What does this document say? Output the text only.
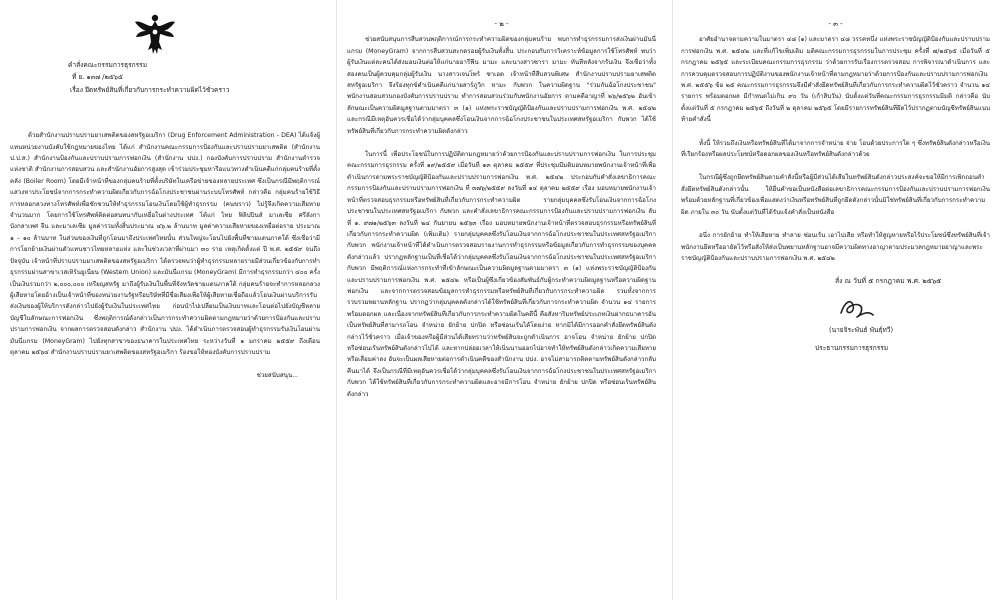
คำสั่งคณะกรรมการธุรกรรม

ที่ ย. ๑๓๗ /๒๕๖๕

เรื่อง ยึดทรัพย์สินที่เกี่ยวกับการกระทำความผิดไว้ชั่วคราว

ด้วยสำนักงานปราบปรามยาเสพติดของสหรัฐอเมริกา (Drug Enforcement Administration - DEA) ได้แจ้งผู้แทนหน่วยงานบังคับใช้กฎหมายของไทย ได้แก่ สำนักงานคณะกรรมการป้องกันและปราบปรามยาเสพติด (สำนักงาน ป.ป.ส.) สำนักงานป้องกันและปราบปรามการฟอกเงิน (สำนักงาน ปปง.) กองบังคับการปราบปราม สำนักงานตำรวจแห่งชาติ สำนักงานการสอบสวน และสำนักงานอัยการสูงสุด เข้าร่วมประชุมหารือแนวทางดำเนินคดีแก่กลุ่มคนร้ายที่ตั้งคลัง (Boiler Room) โดยมีเจ้าหน้าที่ของกลุ่มคนร้ายที่ตั้งบริษัทในเครือข่ายของหลายประเทศ ซึ่งเป็นกรณีมีพฤติการณ์แสวงหาประโยชน์จากการกระทำความผิดเกี่ยวกับการฉ้อโกงประชาชนผ่านระบบโทรศัพท์ กล่าวคือ กลุ่มคนร้ายใช้วิธีการหลอกลวงทางโทรศัพท์เพื่อชักชวนให้ทำธุรกรรมโอนเงินโดยใช้ผู้ทำธุรกรรม (คนขราว) ไม่รู้จึงเกิดความเสียหายจำนวนมาก โดยการใช้โทรศัพท์ติดต่อสนทนากับเหยื่อในต่างประเทศ ได้แก่ ไทย ฟิลิปปินส์ มาเลเซีย ศรีลังกา บังกลาเทศ จีน และมาเลเซีย มูลค่ารวมทั้งสิ้นประมาณ ๔๖.๒ ล้านบาท มูลค่าความเสียหายของเหยื่อต่อราย ประมาณ ๑ – ๑๐ ล้านบาท ในส่วนของเงินที่ถูกโอนมาถึงประเทศไทยนั้น ส่วนใหญ่จะโอนไปยังพื้นที่ชายแดนภาคใต้ ซึ่งเชื่อว่ามีการโยกย้ายเงินผ่านตัวแทนชาวไทยหลายแห่ง และในช่วงเวลาที่ผ่านมา ๓๐ ราย เหตุเกิดตั้งแต่ ปี พ.ศ. ๒๕๕๙ จนถึงปัจจุบัน เจ้าหน้าที่ปราบปรามยาเสพติดของสหรัฐอเมริกา ได้ตรวจพบว่าผู้ทำธุรกรรมหลายรายมีส่วนเกี่ยวข้องกับการทำธุรกรรมผ่านสาขาเวสเทิร์นยูเนี่ยน (Western Union) และมันนี่แกรม (MoneyGram) มีการทำธุรกรรมกว่า ๔๐๐ ครั้ง เป็นเงินรวมกว่า ๒,๐๐๐,๐๐๐ เหรียญสหรัฐ มาถึงผู้รับเงินในพื้นที่จังหวัดชายแดนภาคใต้ กลุ่มคนร้ายจะทำการหลอกลวงผู้เสียหายโดยอ้างเป็นเจ้าหน้าที่ของหน่วยงานรัฐหรือบริษัทที่มีชื่อเสียงเพื่อให้ผู้เสียหายเชื่อถือแล้วโอนเงินผ่านบริการรับส่งเงินของผู้ให้บริการดังกล่าวไปยังผู้รับเงินในประเทศไทย ก่อนนำไปเปลี่ยนเป็นเงินบาทและโอนต่อไปยังบัญชีหลายบัญชีในลักษณะการฟอกเงิน ซึ่งพฤติการณ์ดังกล่าวเป็นการกระทำความผิดตามกฎหมายว่าด้วยการป้องกันและปราบปรามการฟอกเงิน จากผลการตรวจสอบดังกล่าว สำนักงาน ปปง. ได้ดำเนินการตรวจสอบผู้ทำธุรกรรมรับเงินโอนผ่านมันนี่แกรม (MoneyGram) ไปยังทุกสาขาของธนาคารในประเทศไทย ระหว่างวันที่ ๑ มกราคม ๒๕๕๙ ถึงเดือนตุลาคม ๒๕๖๔ สำนักงานปราบปรามยาเสพติดของสหรัฐอเมริกา ร้องขอให้ทองบังคับการปราบปราม

ช่วยสนับสนุน...

- ๒ -

ช่วยสนับสนุนการสืบสวนพฤติการณ์การกระทำความผิดของกลุ่มคนร้าย พบการทำธุรกรรมการส่งเงินผ่านมันนี่แกรม (MoneyGram) จากการสืบสวนสะกดรอยผู้รับเงินทั้งสิ้น ประกอบกับการวิเคราะห์ข้อมูลการใช้โทรศัพท์ พบว่าผู้รับเงินแต่ละคนได้ส่งมอบเงินต่อให้แก่นายอารีฟีน มามะ และนางสาวซารา มามะ ทันทีหลังจากรับเงิน จึงเชื่อว่าทั้งสองคนเป็นผู้ควบคุมกลุ่มผู้รับเงิน นางสาวเจนโพร์ ซาเฮด เจ้าหน้าที่สืบสวนพิเศษ สำนักงานปราบปรามยาเสพติดสหรัฐอเมริกา จึงร้องทุกข์ดำเนินคดีแก่นายสาร์ภูวิก หามะ กับพวก ในความผิดฐาน "ร่วมกันฉ้อโกงประชาชน" พนักงานสอบสวนกองบังคับการปราบปราม ทำการสอบสวนร่วมกับพนักงานอัยการ ตามคดีอาญาที่ ๒๖/๒๕๖๒ อันเข้าลักษณะเป็นความผิดมูลฐานตามมาตรา ๓ (๑) แห่งพระราชบัญญัติป้องกันและปราบปรามการฟอกเงิน พ.ศ. ๒๕๔๒ และกรณีมีเหตุอันควรเชื่อได้ว่ากลุ่มบุคคลซึ่งโอนเงินจากการฉ้อโกงประชาชนในประเทศสหรัฐอเมริกา กับพวก ได้ใช้ทรัพย์สินที่เกี่ยวกับการกระทำความผิดดังกล่าว

ในการนี้ เพื่อประโยชน์ในการปฏิบัติตามกฎหมายว่าด้วยการป้องกันและปราบปรามการฟอกเงิน ในการประชุมคณะกรรมการธุรกรรม ครั้งที่ ๑๙/๒๕๕๙ เมื่อวันที่ ๑๓ ตุลาคม ๒๕๕๙ ที่ประชุมมีมติมอบหมายพนักงานเจ้าหน้าที่เพื่อดำเนินการตามพระราชบัญญัติป้องกันและปราบปรามการฟอกเงิน พ.ศ. ๒๕๔๒ ประกอบกับคำสั่งเลขาธิการคณะกรรมการป้องกันและปราบปรามการฟอกเงิน ที่ ๓๗๖/๒๕๕๙ ลงวันที่ ๑๔ ตุลาคม ๒๕๕๙ เรื่อง มอบหมายพนักงานเจ้าหน้าที่ตรวจสอบธุรกรรมหรือทรัพย์สินที่เกี่ยวกับการกระทำความผิด รายกลุ่มบุคคลซึ่งรับโอนเงินจากการฉ้อโกงประชาชนในประเทศสหรัฐอเมริกา กับพวก และคำสั่งเลขาธิการคณะกรรมการป้องกันและปราบปรามการฟอกเงิน ลับ ที่ ๑. ๙๗๑/๒๕๖๓ ลงวันที่ ๒๔ กันยายน ๒๕๖๓ เรื่อง มอบหมายพนักงานเจ้าหน้าที่ตรวจสอบธุรกรรมหรือทรัพย์สินที่เกี่ยวกับการกระทำความผิด (เพิ่มเติม) รายกลุ่มบุคคลซึ่งรับโอนเงินจากการฉ้อโกงประชาชนในประเทศสหรัฐอเมริกา กับพวก พนักงานเจ้าหน้าที่ได้ดำเนินการตรวจสอบรายงานการทำธุรกรรมหรือข้อมูลเกี่ยวกับการทำธุรกรรมของบุคคลดังกล่าวแล้ว ปรากฏหลักฐานเป็นที่เชื่อได้ว่ากลุ่มบุคคลซึ่งรับโอนเงินจากการฉ้อโกงประชาชนในประเทศสหรัฐอเมริกา กับพวก มีพฤติการณ์แห่งการกระทำที่เข้าลักษณะเป็นความผิดมูลฐานตามมาตรา ๓ (๑) แห่งพระราชบัญญัติป้องกันและปราบปรามการฟอกเงิน พ.ศ. ๒๕๔๒ หรือเป็นผู้ซึ่งเกี่ยวข้องสัมพันธ์กับผู้กระทำความผิดมูลฐานหรือความผิดฐานฟอกเงิน และจากการตรวจสอบข้อมูลการทำธุรกรรมหรือทรัพย์สินที่เกี่ยวกับการกระทำความผิด รวมทั้งจากการรวบรวมพยานหลักฐาน ปรากฏว่ากลุ่มบุคคลดังกล่าวได้ใช้ทรัพย์สินที่เกี่ยวกับการกระทำความผิด จำนวน ๑๔ รายการ พร้อมดอกผล และเนื่องจากทรัพย์สินที่เกี่ยวกับการกระทำความผิดในคดีนี้ คือสังหาริมทรัพย์ประเภทเงินฝากธนาคารอันเป็นทรัพย์สินที่สามารถโอน จำหน่าย ยักย้าย ปกปิด หรือซ่อนเร้นได้โดยง่าย หากมิได้มีการออกคำสั่งยึดทรัพย์สินดังกล่าวไว้ชั่วคราว เมื่อเจ้าของหรือผู้มีส่วนได้เสียทราบว่าทรัพย์สินจะถูกดำเนินการ อาจโอน จำหน่าย ยักย้าย ปกปิด หรือซ่อนเร้นทรัพย์สินดังกล่าวไปได้ และหากปล่อยเวลาให้เนิ่นนานออกไปอาจทำให้ทรัพย์สินดังกล่าวเกิดความเสียหายหรือเสื่อมค่าลง อันจะเป็นผลเสียหายต่อการดำเนินคดีของสำนักงาน ปปง. อาจไม่สามารถติดตามทรัพย์สินดังกล่าวกลับคืนมาได้ จึงเป็นกรณีที่มีเหตุอันควรเชื่อได้ว่ากลุ่มบุคคลซึ่งรับโอนเงินจากการฉ้อโกงประชาชนในประเทศสหรัฐอเมริกา กับพวก ได้ใช้ทรัพย์สินที่เกี่ยวกับการกระทำความผิดและอาจมีการโอน จำหน่าย ยักย้าย ปกปิด หรือซ่อนเร้นทรัพย์สินดังกล่าว

- ๓ -

อาศัยอำนาจตามความในมาตรา ๔๘ (๑) และมาตรา ๔๘ วรรคหนึ่ง แห่งพระราชบัญญัติป้องกันและปราบปรามการฟอกเงิน พ.ศ. ๒๕๔๒ และที่แก้ไขเพิ่มเติม มติคณะกรรมการธุรกรรมในการประชุม ครั้งที่ ๗/๒๕๖๕ เมื่อวันที่ ๕ กรกฎาคม ๒๕๖๕ และระเบียบคณะกรรมการธุรกรรม ว่าด้วยการรับเรื่องการตรวจสอบ การพิจารณาดำเนินการ และการควบคุมตรวจสอบการปฏิบัติงานของพนักงานเจ้าหน้าที่ตามกฎหมายว่าด้วยการป้องกันและปราบปรามการฟอกเงิน พ.ศ. ๒๕๕๖ ข้อ ๒๕ คณะกรรมการธุรกรรมจึงมีคำสั่งยึดทรัพย์สินที่เกี่ยวกับการกระทำความผิดไว้ชั่วคราว จำนวน ๑๔ รายการ พร้อมดอกผล มีกำหนดไม่เกิน ๙๐ วัน (เก้าสิบวัน) นับตั้งแต่วันที่คณะกรรมการธุรกรรมมีมติ กล่าวคือ นับตั้งแต่วันที่ ๕ กรกฎาคม ๒๕๖๕ ถึงวันที่ ๒ ตุลาคม ๒๕๖๕ โดยมีรายการทรัพย์สินที่ยึดไว้ปรากฏตามบัญชีทรัพย์สินแนบท้ายคำสั่งนี้

ทั้งนี้ ให้รวมถึงเงินหรือทรัพย์สินที่ได้มาจากการจำหน่าย จ่าย โอนด้วยประการใด ๆ ซึ่งทรัพย์สินดังกล่าวหรือเงินที่เรียกร้องหรือผลประโยชน์หรือดอกผลของเงินหรือทรัพย์สินดังกล่าวด้วย

ในกรณีผู้ซึ่งถูกยึดทรัพย์สินตามคำสั่งนี้หรือผู้มีส่วนได้เสียในทรัพย์สินดังกล่าวประสงค์จะขอให้มีการเพิกถอนคำสั่งยึดทรัพย์สินดังกล่าวนั้น ให้ยื่นคำขอเป็นหนังสือต่อเลขาธิการคณะกรรมการป้องกันและปราบปรามการฟอกเงินพร้อมด้วยหลักฐานที่เกี่ยวข้องเพื่อแสดงว่าเงินหรือทรัพย์สินที่ถูกยึดดังกล่าวนั้นมิใช่ทรัพย์สินที่เกี่ยวกับการกระทำความผิด ภายใน ๓๐ วัน นับตั้งแต่วันที่ได้รับแจ้งคำสั่งเป็นหนังสือ

อนึ่ง การยักย้าย ทำให้เสียหาย ทำลาย ซ่อนเร้น เอาไปเสีย หรือทำให้สูญหายหรือไร้ประโยชน์ซึ่งทรัพย์สินที่เจ้าพนักงานยึดหรืออายัดไว้หรือสั่งให้ส่งเป็นพยานหลักฐานอาจมีความผิดทางอาญาตามประมวลกฎหมายอาญาและพระราชบัญญัติป้องกันและปราบปรามการฟอกเงิน พ.ศ. ๒๕๔๒

สั่ง ณ วันที่ ๕ กรกฎาคม พ.ศ. ๒๕๖๕

(นายจิระพันธ์ พันธุ์ทวี)

ประธานกรรมการธุรกรรม
